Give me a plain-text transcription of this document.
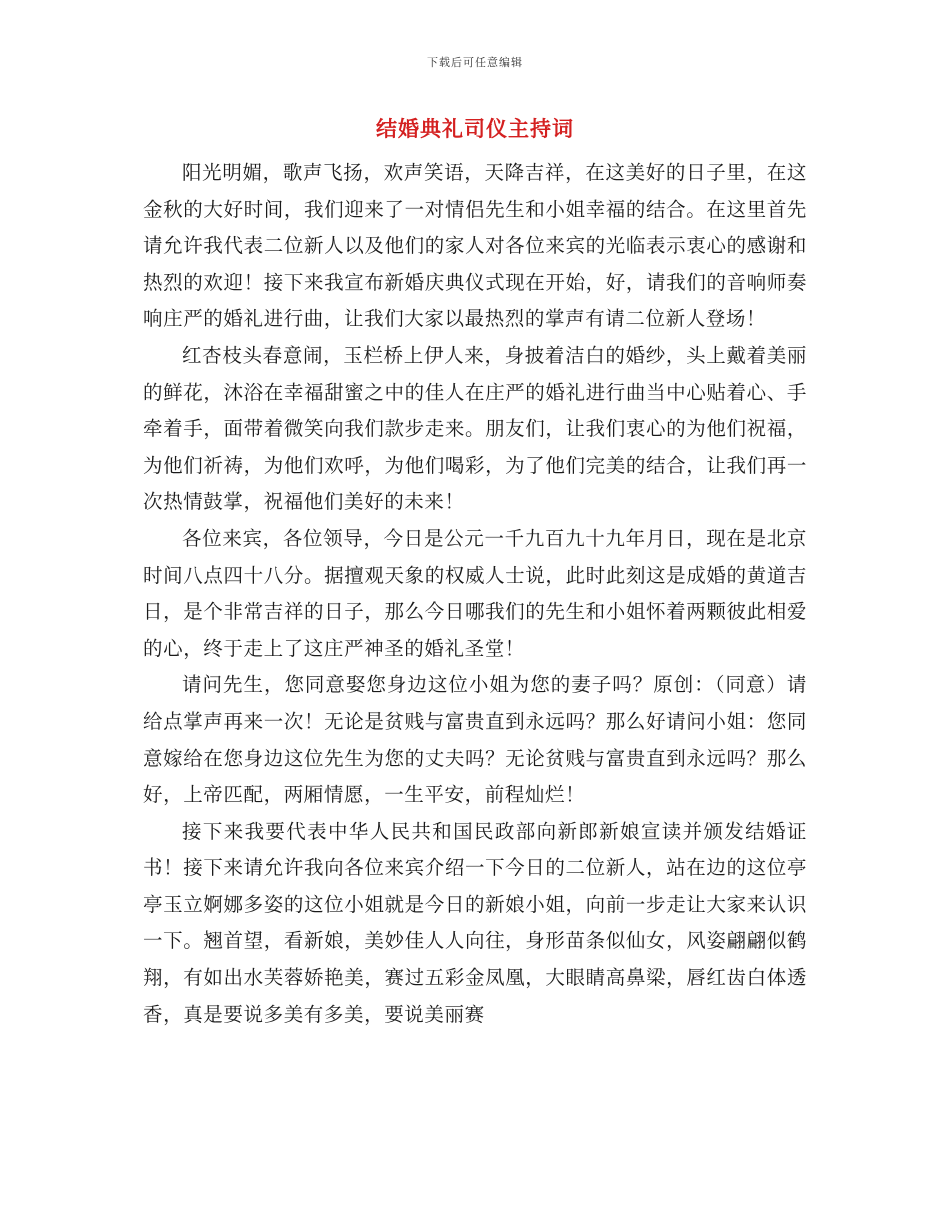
下载后可任意编辑
结婚典礼司仪主持词

阳光明媚，歌声飞扬，欢声笑语，天降吉祥，在这美好的日子里，在这金秋的大好时间，我们迎来了一对情侣先生和小姐幸福的结合。在这里首先请允许我代表二位新人以及他们的家人对各位来宾的光临表示衷心的感谢和热烈的欢迎！接下来我宣布新婚庆典仪式现在开始，好，请我们的音响师奏响庄严的婚礼进行曲，让我们大家以最热烈的掌声有请二位新人登场！

红杏枝头春意闹，玉栏桥上伊人来，身披着洁白的婚纱，头上戴着美丽的鲜花，沐浴在幸福甜蜜之中的佳人在庄严的婚礼进行曲当中心贴着心、手牵着手，面带着微笑向我们款步走来。朋友们，让我们衷心的为他们祝福，为他们祈祷，为他们欢呼，为他们喝彩，为了他们完美的结合，让我们再一次热情鼓掌，祝福他们美好的未来！

各位来宾，各位领导，今日是公元一千九百九十九年月日，现在是北京时间八点四十八分。据擅观天象的权威人士说，此时此刻这是成婚的黄道吉日，是个非常吉祥的日子，那么今日哪我们的先生和小姐怀着两颗彼此相爱的心，终于走上了这庄严神圣的婚礼圣堂！

请问先生，您同意娶您身边这位小姐为您的妻子吗？原创：（同意）请给点掌声再来一次！无论是贫贱与富贵直到永远吗？那么好请问小姐：您同意嫁给在您身边这位先生为您的丈夫吗？无论贫贱与富贵直到永远吗？那么好，上帝匹配，两厢情愿，一生平安，前程灿烂！

接下来我要代表中华人民共和国民政部向新郎新娘宣读并颁发结婚证书！接下来请允许我向各位来宾介绍一下今日的二位新人，站在边的这位亭亭玉立婀娜多姿的这位小姐就是今日的新娘小姐，向前一步走让大家来认识一下。翘首望，看新娘，美妙佳人人向往，身形苗条似仙女，风姿翩翩似鹤翔，有如出水芙蓉娇艳美，赛过五彩金凤凰，大眼睛高鼻梁，唇红齿白体透香，真是要说多美有多美，要说美丽赛
